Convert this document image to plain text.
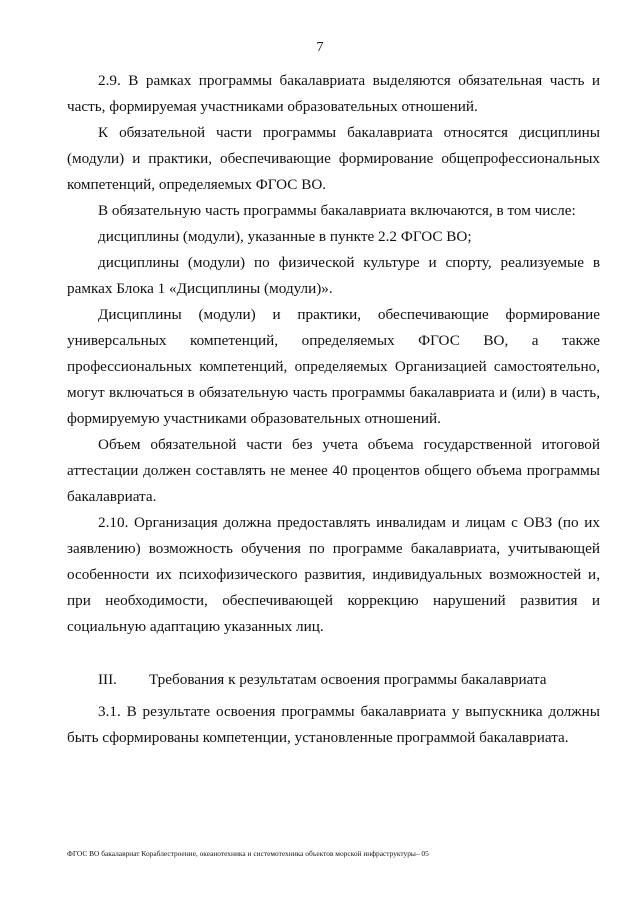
7

2.9. В рамках программы бакалавриата выделяются обязательная часть и часть, формируемая участниками образовательных отношений.

К обязательной части программы бакалавриата относятся дисциплины (модули) и практики, обеспечивающие формирование общепрофессиональных компетенций, определяемых ФГОС ВО.

В обязательную часть программы бакалавриата включаются, в том числе:

дисциплины (модули), указанные в пункте 2.2 ФГОС ВО;

дисциплины (модули) по физической культуре и спорту, реализуемые в рамках Блока 1 «Дисциплины (модули)».

Дисциплины (модули) и практики, обеспечивающие формирование универсальных компетенций, определяемых ФГОС ВО, а также профессиональных компетенций, определяемых Организацией самостоятельно, могут включаться в обязательную часть программы бакалавриата и (или) в часть, формируемую участниками образовательных отношений.

Объем обязательной части без учета объема государственной итоговой аттестации должен составлять не менее 40 процентов общего объема программы бакалавриата.

2.10. Организация должна предоставлять инвалидам и лицам с ОВЗ (по их заявлению) возможность обучения по программе бакалавриата, учитывающей особенности их психофизического развития, индивидуальных возможностей и, при необходимости, обеспечивающей коррекцию нарушений развития и социальную адаптацию указанных лиц.

III. Требования к результатам освоения программы бакалавриата

3.1. В результате освоения программы бакалавриата у выпускника должны быть сформированы компетенции, установленные программой бакалавриата.

ФГОС ВО бакалавриат Кораблестроение, океанотехника и системотехника объектов морской инфраструктуры– 05
